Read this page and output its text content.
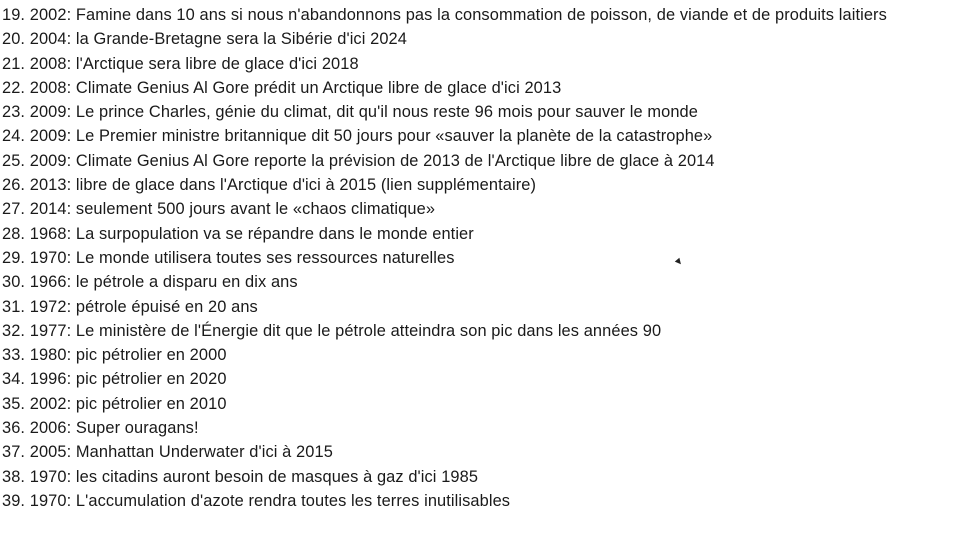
19. 2002: Famine dans 10 ans si nous n'abandonnons pas la consommation de poisson, de viande et de produits laitiers
20. 2004: la Grande-Bretagne sera la Sibérie d'ici 2024
21. 2008: l'Arctique sera libre de glace d'ici 2018
22. 2008: Climate Genius Al Gore prédit un Arctique libre de glace d'ici 2013
23. 2009: Le prince Charles, génie du climat, dit qu'il nous reste 96 mois pour sauver le monde
24. 2009: Le Premier ministre britannique dit 50 jours pour «sauver la planète de la catastrophe»
25. 2009: Climate Genius Al Gore reporte la prévision de 2013 de l'Arctique libre de glace à 2014
26. 2013: libre de glace dans l'Arctique d'ici à 2015 (lien supplémentaire)
27. 2014: seulement 500 jours avant le «chaos climatique»
28. 1968: La surpopulation va se répandre dans le monde entier
29. 1970: Le monde utilisera toutes ses ressources naturelles
30. 1966: le pétrole a disparu en dix ans
31. 1972: pétrole épuisé en 20 ans
32. 1977: Le ministère de l'Énergie dit que le pétrole atteindra son pic dans les années 90
33. 1980: pic pétrolier en 2000
34. 1996: pic pétrolier en 2020
35. 2002: pic pétrolier en 2010
36. 2006: Super ouragans!
37. 2005: Manhattan Underwater d'ici à 2015
38. 1970: les citadins auront besoin de masques à gaz d'ici 1985
39. 1970: L'accumulation d'azote rendra toutes les terres inutilisables
